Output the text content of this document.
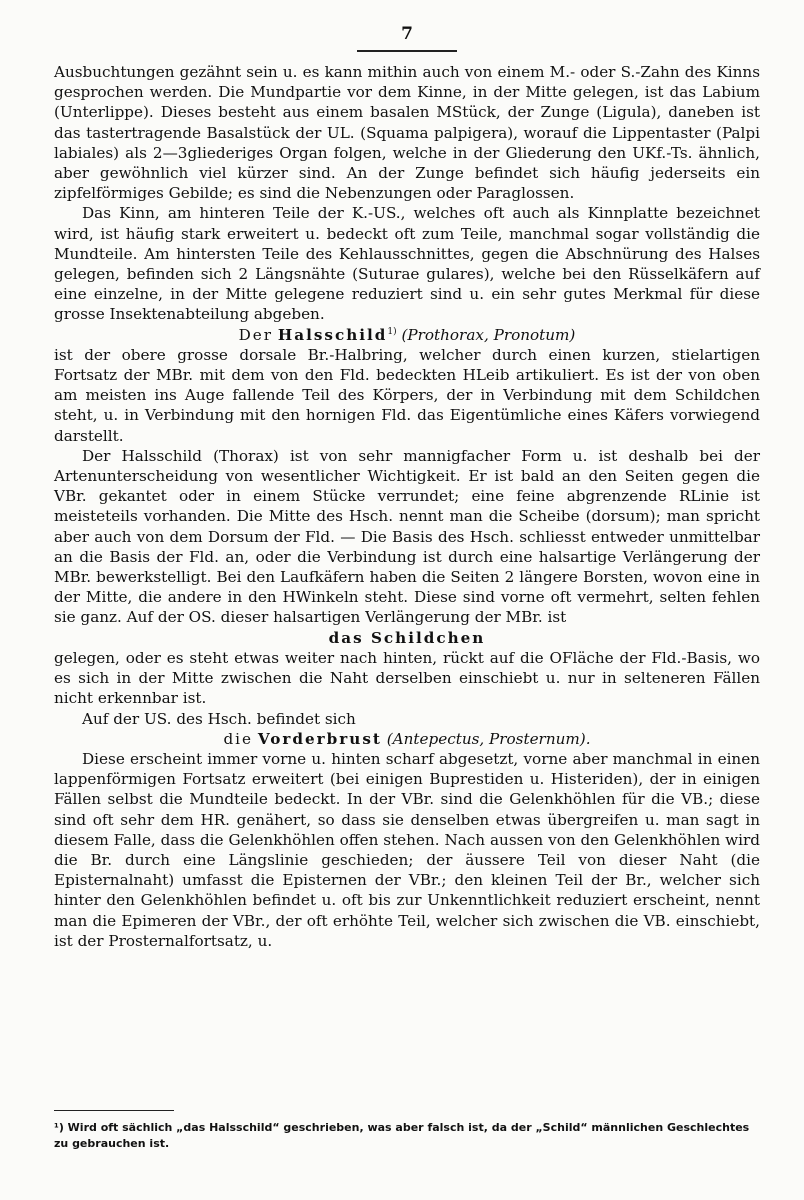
7

Ausbuchtungen gezähnt sein u. es kann mithin auch von einem M.- oder S.-Zahn des Kinns gesprochen werden. Die Mundpartie vor dem Kinne, in der Mitte gelegen, ist das Labium (Unterlippe). Dieses besteht aus einem basalen MStück, der Zunge (Ligula), daneben ist das tastertragende Basalstück der UL. (Squama palpigera), worauf die Lippentaster (Palpi labiales) als 2—3gliederiges Organ folgen, welche in der Gliederung den UKf.-Ts. ähnlich, aber gewöhnlich viel kürzer sind. An der Zunge befindet sich häufig jederseits ein zipfelförmiges Gebilde; es sind die Nebenzungen oder Paraglossen.

Das Kinn, am hinteren Teile der K.-US., welches oft auch als Kinnplatte bezeichnet wird, ist häufig stark erweitert u. bedeckt oft zum Teile, manchmal sogar vollständig die Mundteile. Am hintersten Teile des Kehlausschnittes, gegen die Abschnürung des Halses gelegen, befinden sich 2 Längsnähte (Suturae gulares), welche bei den Rüsselkäfern auf eine einzelne, in der Mitte gelegene reduziert sind u. ein sehr gutes Merkmal für diese grosse Insektenabteilung abgeben.

Der Halsschild$^{1)}$ (Prothorax, Pronotum)

ist der obere grosse dorsale Br.-Halbring, welcher durch einen kurzen, stielartigen Fortsatz der MBr. mit dem von den Fld. bedeckten HLeib artikuliert. Es ist der von oben am meisten ins Auge fallende Teil des Körpers, der in Verbindung mit dem Schildchen steht, u. in Verbindung mit den hornigen Fld. das Eigentümliche eines Käfers vorwiegend darstellt.

Der Halsschild (Thorax) ist von sehr mannigfacher Form u. ist deshalb bei der Artenunterscheidung von wesentlicher Wichtigkeit. Er ist bald an den Seiten gegen die VBr. gekantet oder in einem Stücke verrundet; eine feine abgrenzende RLinie ist meisteteils vorhanden. Die Mitte des Hsch. nennt man die Scheibe (dorsum); man spricht aber auch von dem Dorsum der Fld. — Die Basis des Hsch. schliesst entweder unmittelbar an die Basis der Fld. an, oder die Verbindung ist durch eine halsartige Verlängerung der MBr. bewerkstelligt. Bei den Laufkäfern haben die Seiten 2 längere Borsten, wovon eine in der Mitte, die andere in den HWinkeln steht. Diese sind vorne oft vermehrt, selten fehlen sie ganz. Auf der OS. dieser halsartigen Verlängerung der MBr. ist

das Schildchen

gelegen, oder es steht etwas weiter nach hinten, rückt auf die OFläche der Fld.-Basis, wo es sich in der Mitte zwischen die Naht derselben einschiebt u. nur in selteneren Fällen nicht erkennbar ist.

Auf der US. des Hsch. befindet sich

die Vorderbrust (Antepectus, Prosternum).

Diese erscheint immer vorne u. hinten scharf abgesetzt, vorne aber manchmal in einen lappenförmigen Fortsatz erweitert (bei einigen Buprestiden u. Histeriden), der in einigen Fällen selbst die Mundteile bedeckt. In der VBr. sind die Gelenkhöhlen für die VB.; diese sind oft sehr dem HR. genähert, so dass sie denselben etwas übergreifen u. man sagt in diesem Falle, dass die Gelenkhöhlen offen stehen. Nach aussen von den Gelenkhöhlen wird die Br. durch eine Längslinie geschieden; der äussere Teil von dieser Naht (die Episternalnaht) umfasst die Episternen der VBr.; den kleinen Teil der Br., welcher sich hinter den Gelenkhöhlen befindet u. oft bis zur Unkenntlichkeit reduziert erscheint, nennt man die Epimeren der VBr., der oft erhöhte Teil, welcher sich zwischen die VB. einschiebt, ist der Prosternalfortsatz, u.

¹) Wird oft sächlich „das Halsschild“ geschrieben, was aber falsch ist, da der „Schild“ männlichen Geschlechtes zu gebrauchen ist.
